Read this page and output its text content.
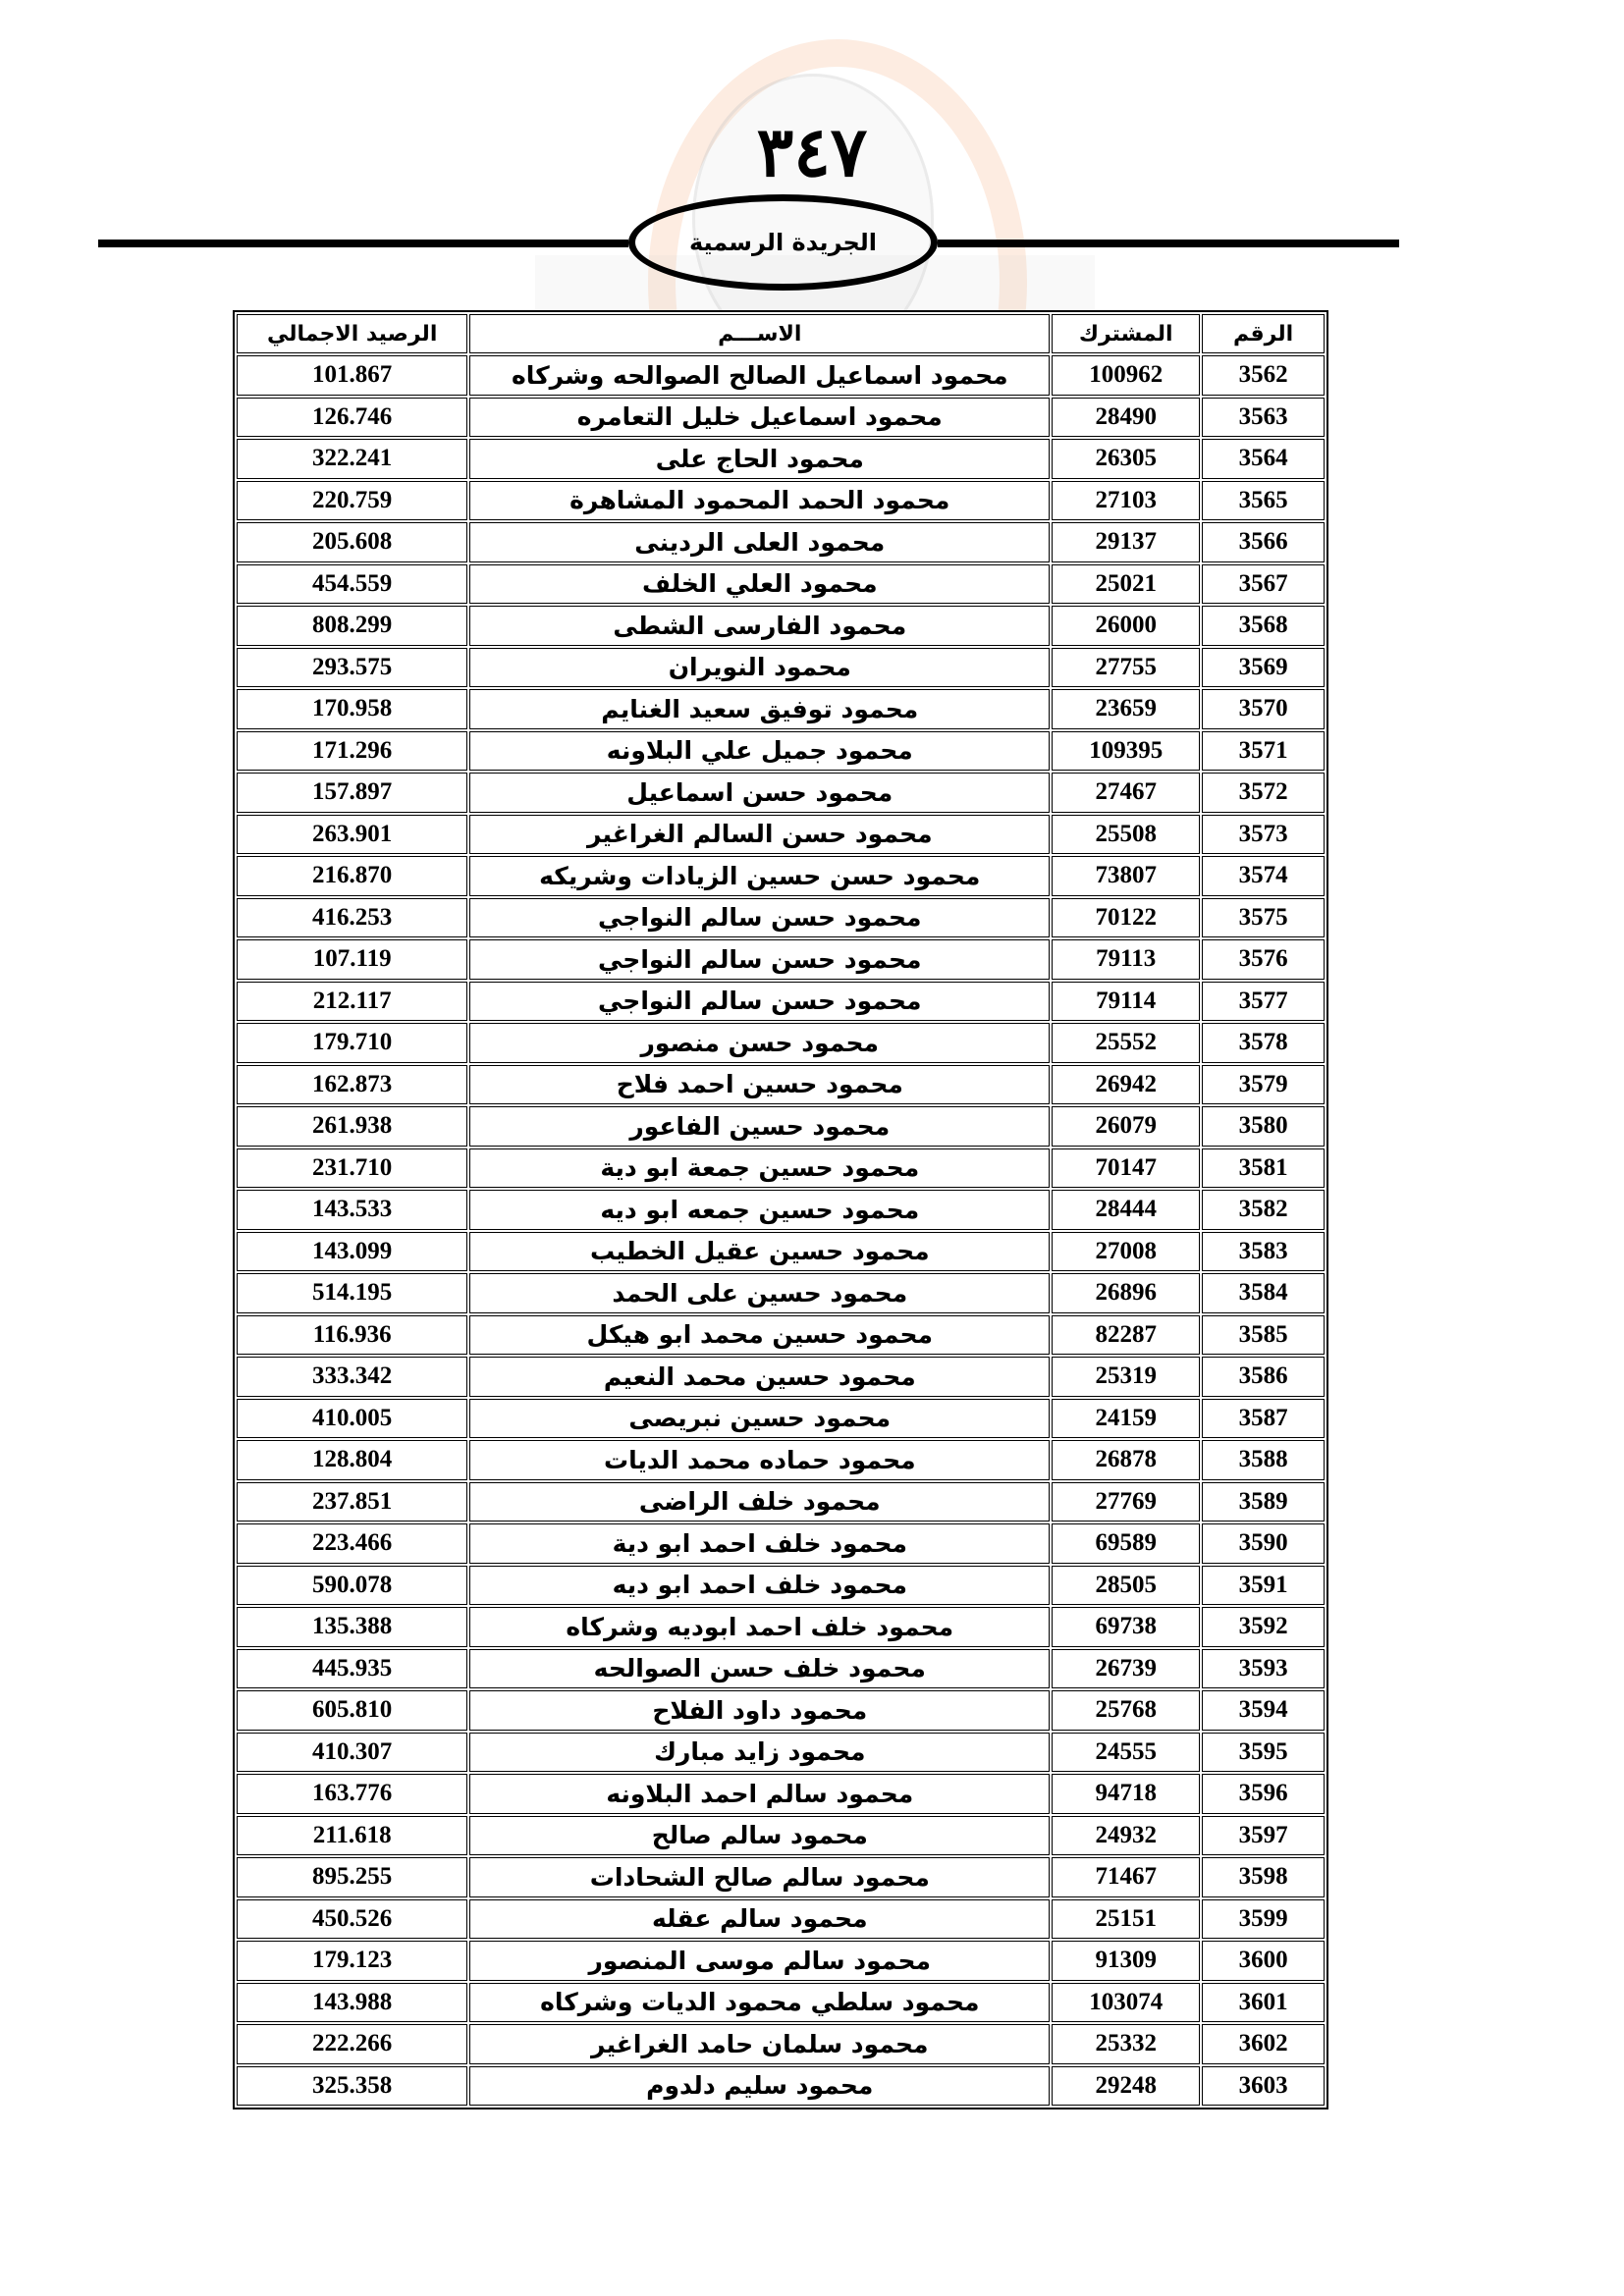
٣٤٧
الجريدة الرسمية
الرقم	المشترك	الاســـم	الرصيد الاجمالي
3562	100962	محمود اسماعيل الصالح الصوالحه وشركاه	101.867
3563	28490	محمود اسماعيل خليل التعامره	126.746
3564	26305	محمود الحاج على	322.241
3565	27103	محمود الحمد المحمود المشاهرة	220.759
3566	29137	محمود العلى الردينى	205.608
3567	25021	محمود العلي الخلف	454.559
3568	26000	محمود الفارسى الشطى	808.299
3569	27755	محمود النويران	293.575
3570	23659	محمود توفيق سعيد الغنايم	170.958
3571	109395	محمود جميل علي البلاونه	171.296
3572	27467	محمود حسن اسماعيل	157.897
3573	25508	محمود حسن السالم الغراغير	263.901
3574	73807	محمود حسن حسين الزيادات وشريكه	216.870
3575	70122	محمود حسن سالم النواجي	416.253
3576	79113	محمود حسن سالم النواجي	107.119
3577	79114	محمود حسن سالم النواجي	212.117
3578	25552	محمود حسن منصور	179.710
3579	26942	محمود حسين احمد فلاح	162.873
3580	26079	محمود حسين الفاعور	261.938
3581	70147	محمود حسين جمعة ابو دية	231.710
3582	28444	محمود حسين جمعه ابو ديه	143.533
3583	27008	محمود حسين عقيل الخطيب	143.099
3584	26896	محمود حسين على الحمد	514.195
3585	82287	محمود حسين محمد ابو هيكل	116.936
3586	25319	محمود حسين محمد النعيم	333.342
3587	24159	محمود حسين نبريصى	410.005
3588	26878	محمود حماده محمد الديات	128.804
3589	27769	محمود خلف الراضى	237.851
3590	69589	محمود خلف احمد ابو دية	223.466
3591	28505	محمود خلف احمد ابو ديه	590.078
3592	69738	محمود خلف احمد ابوديه وشركاه	135.388
3593	26739	محمود خلف حسن الصوالحه	445.935
3594	25768	محمود داود الفلاح	605.810
3595	24555	محمود زايد مبارك	410.307
3596	94718	محمود سالم احمد البلاونه	163.776
3597	24932	محمود سالم صالح	211.618
3598	71467	محمود سالم صالح الشحادات	895.255
3599	25151	محمود سالم عقله	450.526
3600	91309	محمود سالم موسى المنصور	179.123
3601	103074	محمود سلطي محمود الديات وشركاه	143.988
3602	25332	محمود سلمان حامد الغراغير	222.266
3603	29248	محمود سليم دلدوم	325.358
